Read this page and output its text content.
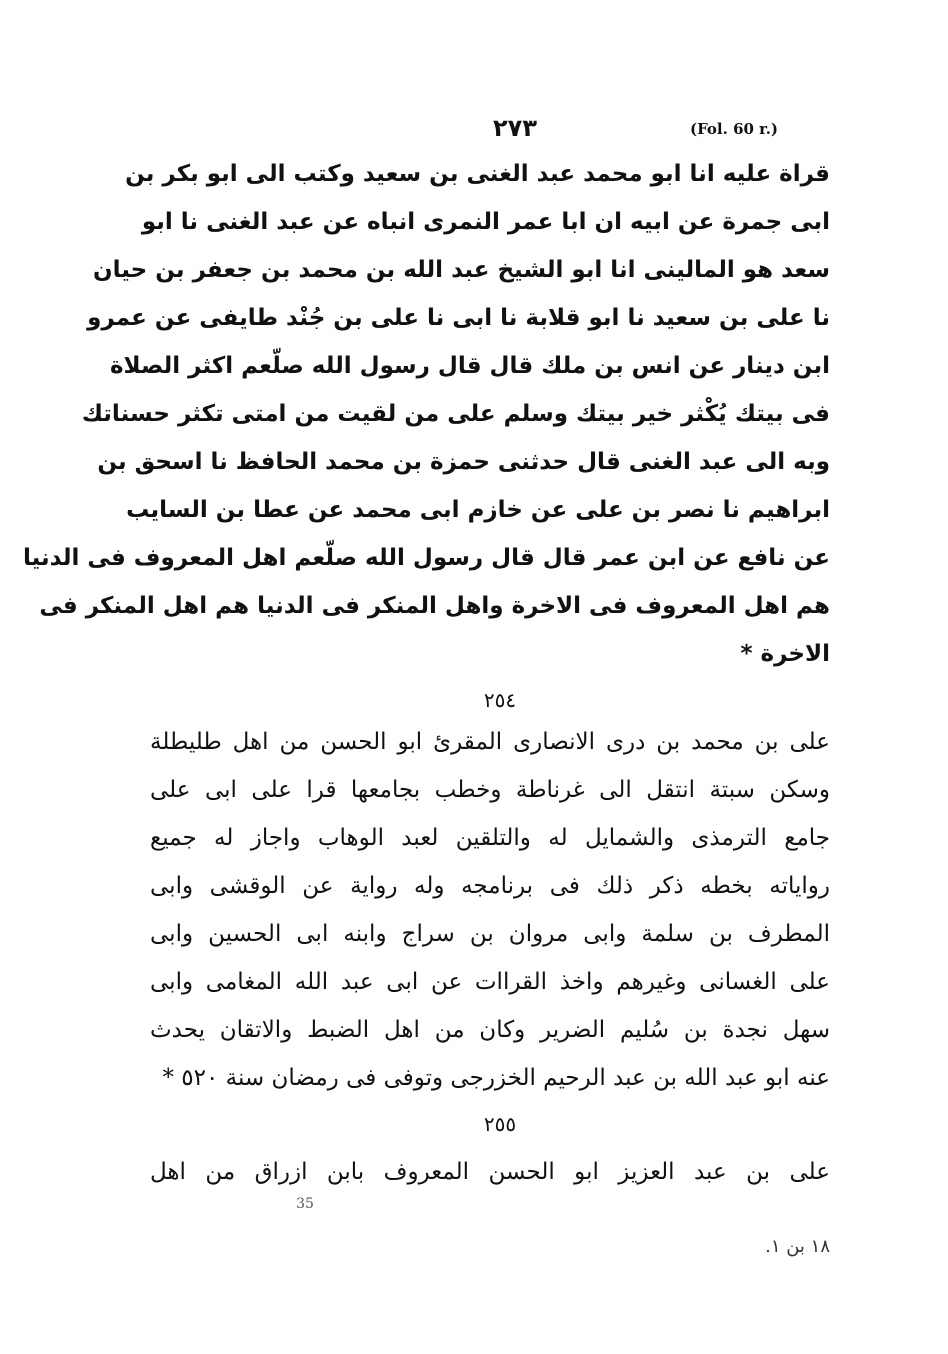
۲۷۳	(Fol. 60 r.)
قراة عليه انا ابو محمد عبد الغنى بن سعيد وكتب الى ابو بكر بن
ابى جمرة عن ابيه ان ابا عمر النمرى انباه عن عبد الغنى نا ابو
سعد هو المالينى انا ابو الشيخ عبد الله بن محمد بن جعفر بن حيان
نا على بن سعيد نا ابو قلابة نا ابى نا على بن جُنْد طايفى عن عمرو
ابن دينار عن انس بن ملك قال قال رسول الله صلّعم اكثر الصلاة
فى بيتك يُكْثر خير بيتك وسلم على من لقيت من امتى تكثر حسناتك
وبه الى عبد الغنى قال حدثنى حمزة بن محمد الحافظ نا اسحق بن
ابراهيم نا نصر بن على عن خازم ابى محمد عن عطا بن السايب
عن نافع عن ابن عمر قال قال رسول الله صلّعم اهل المعروف فى الدنيا
هم اهل المعروف فى الاخرة واهل المنكر فى الدنيا هم اهل المنكر فى
الاخرة *
٢٥٤
على بن محمد بن درى الانصارى المقرئ ابو الحسن من اهل طليطلة
وسكن سبتة انتقل الى غرناطة وخطب بجامعها قرا على ابى على
جامع الترمذى والشمايل له والتلقين لعبد الوهاب واجاز له جميع
رواياته بخطه ذكر ذلك فى برنامجه وله رواية عن الوقشى وابى
المطرف بن سلمة وابى مروان بن سراج وابنه ابى الحسين وابى
على الغسانى وغيرهم واخذ القراات عن ابى عبد الله المغامى وابى
سهل نجدة بن سُليم الضرير وكان من اهل الضبط والاتقان يحدث
عنه ابو عبد الله بن عبد الرحيم الخزرجى وتوفى فى رمضان سنة ٥٢٠ *
٢٥٥
على بن عبد العزيز ابو الحسن المعروف بابن ازراق من اهل
35
١٨ بن ١.
